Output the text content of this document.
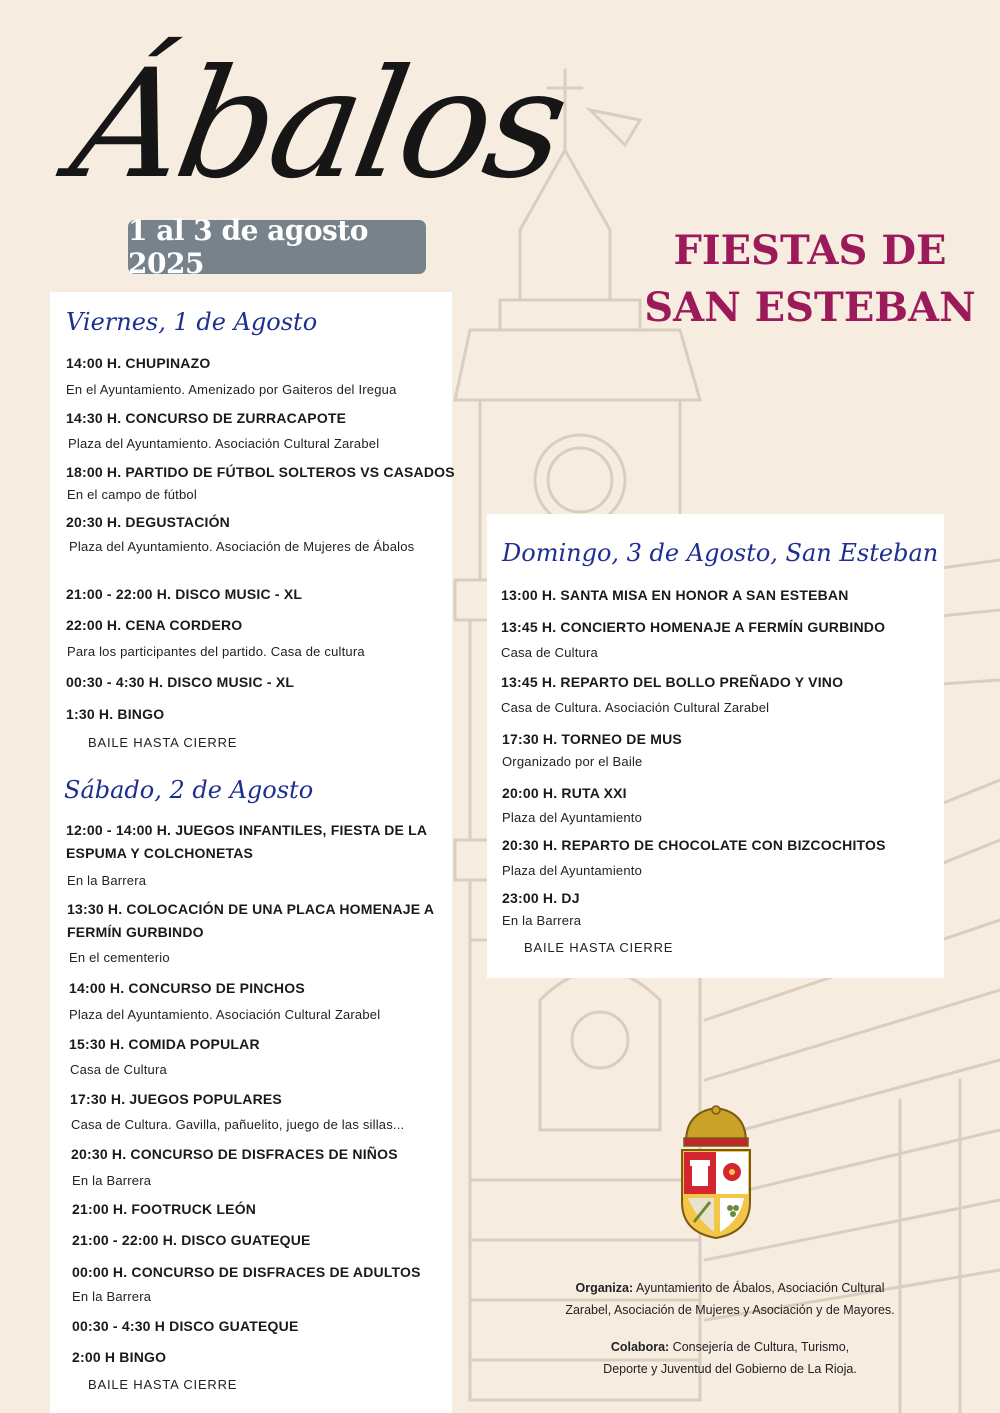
Ábalos
1 al 3 de agosto 2025	FIESTAS DE
SAN ESTEBAN
Viernes, 1 de Agosto
14:00 H. CHUPINAZO
En el Ayuntamiento. Amenizado por Gaiteros del Iregua
14:30 H. CONCURSO DE ZURRACAPOTE
Plaza del Ayuntamiento. Asociación Cultural Zarabel
18:00 H. PARTIDO DE FÚTBOL SOLTEROS VS CASADOS
En el campo de fútbol
20:30 H. DEGUSTACIÓN
Plaza del Ayuntamiento. Asociación de Mujeres de Ábalos
21:00 - 22:00 H. DISCO MUSIC - XL
22:00 H. CENA CORDERO
Para los participantes del partido. Casa de cultura
00:30 - 4:30 H. DISCO MUSIC - XL
1:30 H. BINGO
BAILE HASTA CIERRE
Sábado, 2 de Agosto
12:00 - 14:00 H. JUEGOS INFANTILES, FIESTA DE LA ESPUMA Y COLCHONETAS
En la Barrera
13:30 H. COLOCACIÓN DE UNA PLACA HOMENAJE A FERMÍN GURBINDO
En el cementerio
14:00 H. CONCURSO DE PINCHOS
Plaza del Ayuntamiento. Asociación Cultural Zarabel
15:30 H. COMIDA POPULAR
Casa de Cultura
17:30 H. JUEGOS POPULARES
Casa de Cultura. Gavilla, pañuelito, juego de las sillas...
20:30 H. CONCURSO DE DISFRACES DE NIÑOS
En la Barrera
21:00 H. FOOTRUCK LEÓN
21:00 - 22:00 H. DISCO GUATEQUE
00:00 H. CONCURSO DE DISFRACES DE ADULTOS
En la Barrera
00:30 - 4:30 H DISCO GUATEQUE
2:00 H BINGO
BAILE HASTA CIERRE
Domingo, 3 de Agosto, San Esteban
13:00 H. SANTA MISA EN HONOR A SAN ESTEBAN
13:45 H. CONCIERTO HOMENAJE A FERMÍN GURBINDO
Casa de Cultura
13:45 H. REPARTO DEL BOLLO PREÑADO Y VINO
Casa de Cultura. Asociación Cultural Zarabel
17:30 H. TORNEO DE MUS
Organizado por el Baile
20:00 H. RUTA XXI
Plaza del Ayuntamiento
20:30 H. REPARTO DE CHOCOLATE CON BIZCOCHITOS
Plaza del Ayuntamiento
23:00 H. DJ
En la Barrera
BAILE HASTA CIERRE
Organiza: Ayuntamiento de Ábalos, Asociación Cultural
Zarabel, Asociación de Mujeres y Asociación y de Mayores.
Colabora: Consejería de Cultura, Turismo,
Deporte y Juventud del Gobierno de La Rioja.
